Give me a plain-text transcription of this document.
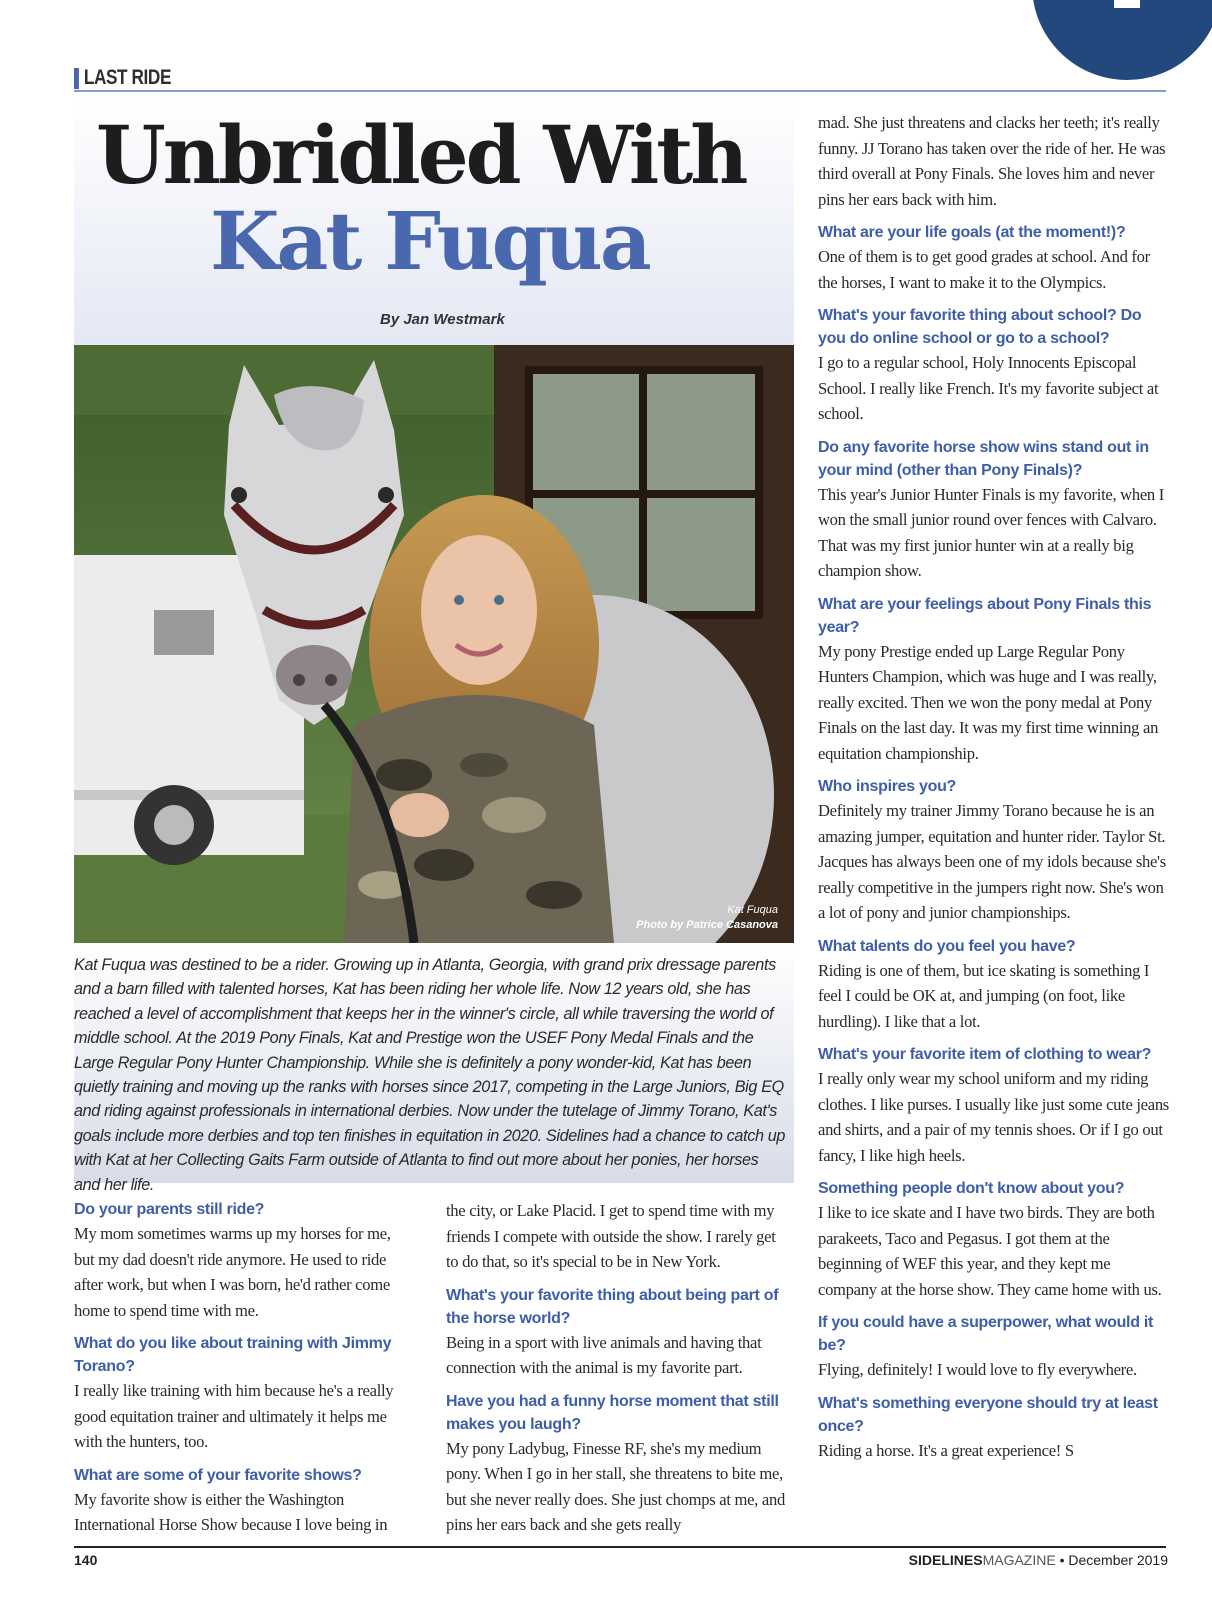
LAST RIDE
Unbridled With
Kat Fuqua
By Jan Westmark
Kat Fuqua
Photo by Patrice Casanova

Kat Fuqua was destined to be a rider. Growing up in Atlanta, Georgia, with grand prix dressage parents and a barn filled with talented horses, Kat has been riding her whole life. Now 12 years old, she has reached a level of accomplishment that keeps her in the winner's circle, all while traversing the world of middle school. At the 2019 Pony Finals, Kat and Prestige won the USEF Pony Medal Finals and the Large Regular Pony Hunter Championship. While she is definitely a pony wonder-kid, Kat has been quietly training and moving up the ranks with horses since 2017, competing in the Large Juniors, Big EQ and riding against professionals in international derbies. Now under the tutelage of Jimmy Torano, Kat's goals include more derbies and top ten finishes in equitation in 2020. Sidelines had a chance to catch up with Kat at her Collecting Gaits Farm outside of Atlanta to find out more about her ponies, her horses and her life.

Do your parents still ride?
My mom sometimes warms up my horses for me, but my dad doesn't ride anymore. He used to ride after work, but when I was born, he'd rather come home to spend time with me.
What do you like about training with Jimmy Torano?
I really like training with him because he's a really good equitation trainer and ultimately it helps me with the hunters, too.
What are some of your favorite shows?
My favorite show is either the Washington International Horse Show because I love being in
the city, or Lake Placid. I get to spend time with my friends I compete with outside the show. I rarely get to do that, so it's special to be in New York.
What's your favorite thing about being part of the horse world?
Being in a sport with live animals and having that connection with the animal is my favorite part.
Have you had a funny horse moment that still makes you laugh?
My pony Ladybug, Finesse RF, she's my medium pony. When I go in her stall, she threatens to bite me, but she never really does. She just chomps at me, and pins her ears back and she gets really
mad. She just threatens and clacks her teeth; it's really funny. JJ Torano has taken over the ride of her. He was third overall at Pony Finals. She loves him and never pins her ears back with him.
What are your life goals (at the moment!)?
One of them is to get good grades at school. And for the horses, I want to make it to the Olympics.
What's your favorite thing about school? Do you do online school or go to a school?
I go to a regular school, Holy Innocents Episcopal School. I really like French. It's my favorite subject at school.
Do any favorite horse show wins stand out in your mind (other than Pony Finals)?
This year's Junior Hunter Finals is my favorite, when I won the small junior round over fences with Calvaro. That was my first junior hunter win at a really big champion show.
What are your feelings about Pony Finals this year?
My pony Prestige ended up Large Regular Pony Hunters Champion, which was huge and I was really, really excited. Then we won the pony medal at Pony Finals on the last day. It was my first time winning an equitation championship.
Who inspires you?
Definitely my trainer Jimmy Torano because he is an amazing jumper, equitation and hunter rider. Taylor St. Jacques has always been one of my idols because she's really competitive in the jumpers right now. She's won a lot of pony and junior championships.
What talents do you feel you have?
Riding is one of them, but ice skating is something I feel I could be OK at, and jumping (on foot, like hurdling). I like that a lot.
What's your favorite item of clothing to wear?
I really only wear my school uniform and my riding clothes. I like purses. I usually like just some cute jeans and shirts, and a pair of my tennis shoes. Or if I go out fancy, I like high heels.
Something people don't know about you?
I like to ice skate and I have two birds. They are both parakeets, Taco and Pegasus. I got them at the beginning of WEF this year, and they kept me company at the horse show. They came home with us.
If you could have a superpower, what would it be?
Flying, definitely! I would love to fly everywhere.
What's something everyone should try at least once?
Riding a horse. It's a great experience! S
140	SIDELINESMAGAZINE • December 2019
